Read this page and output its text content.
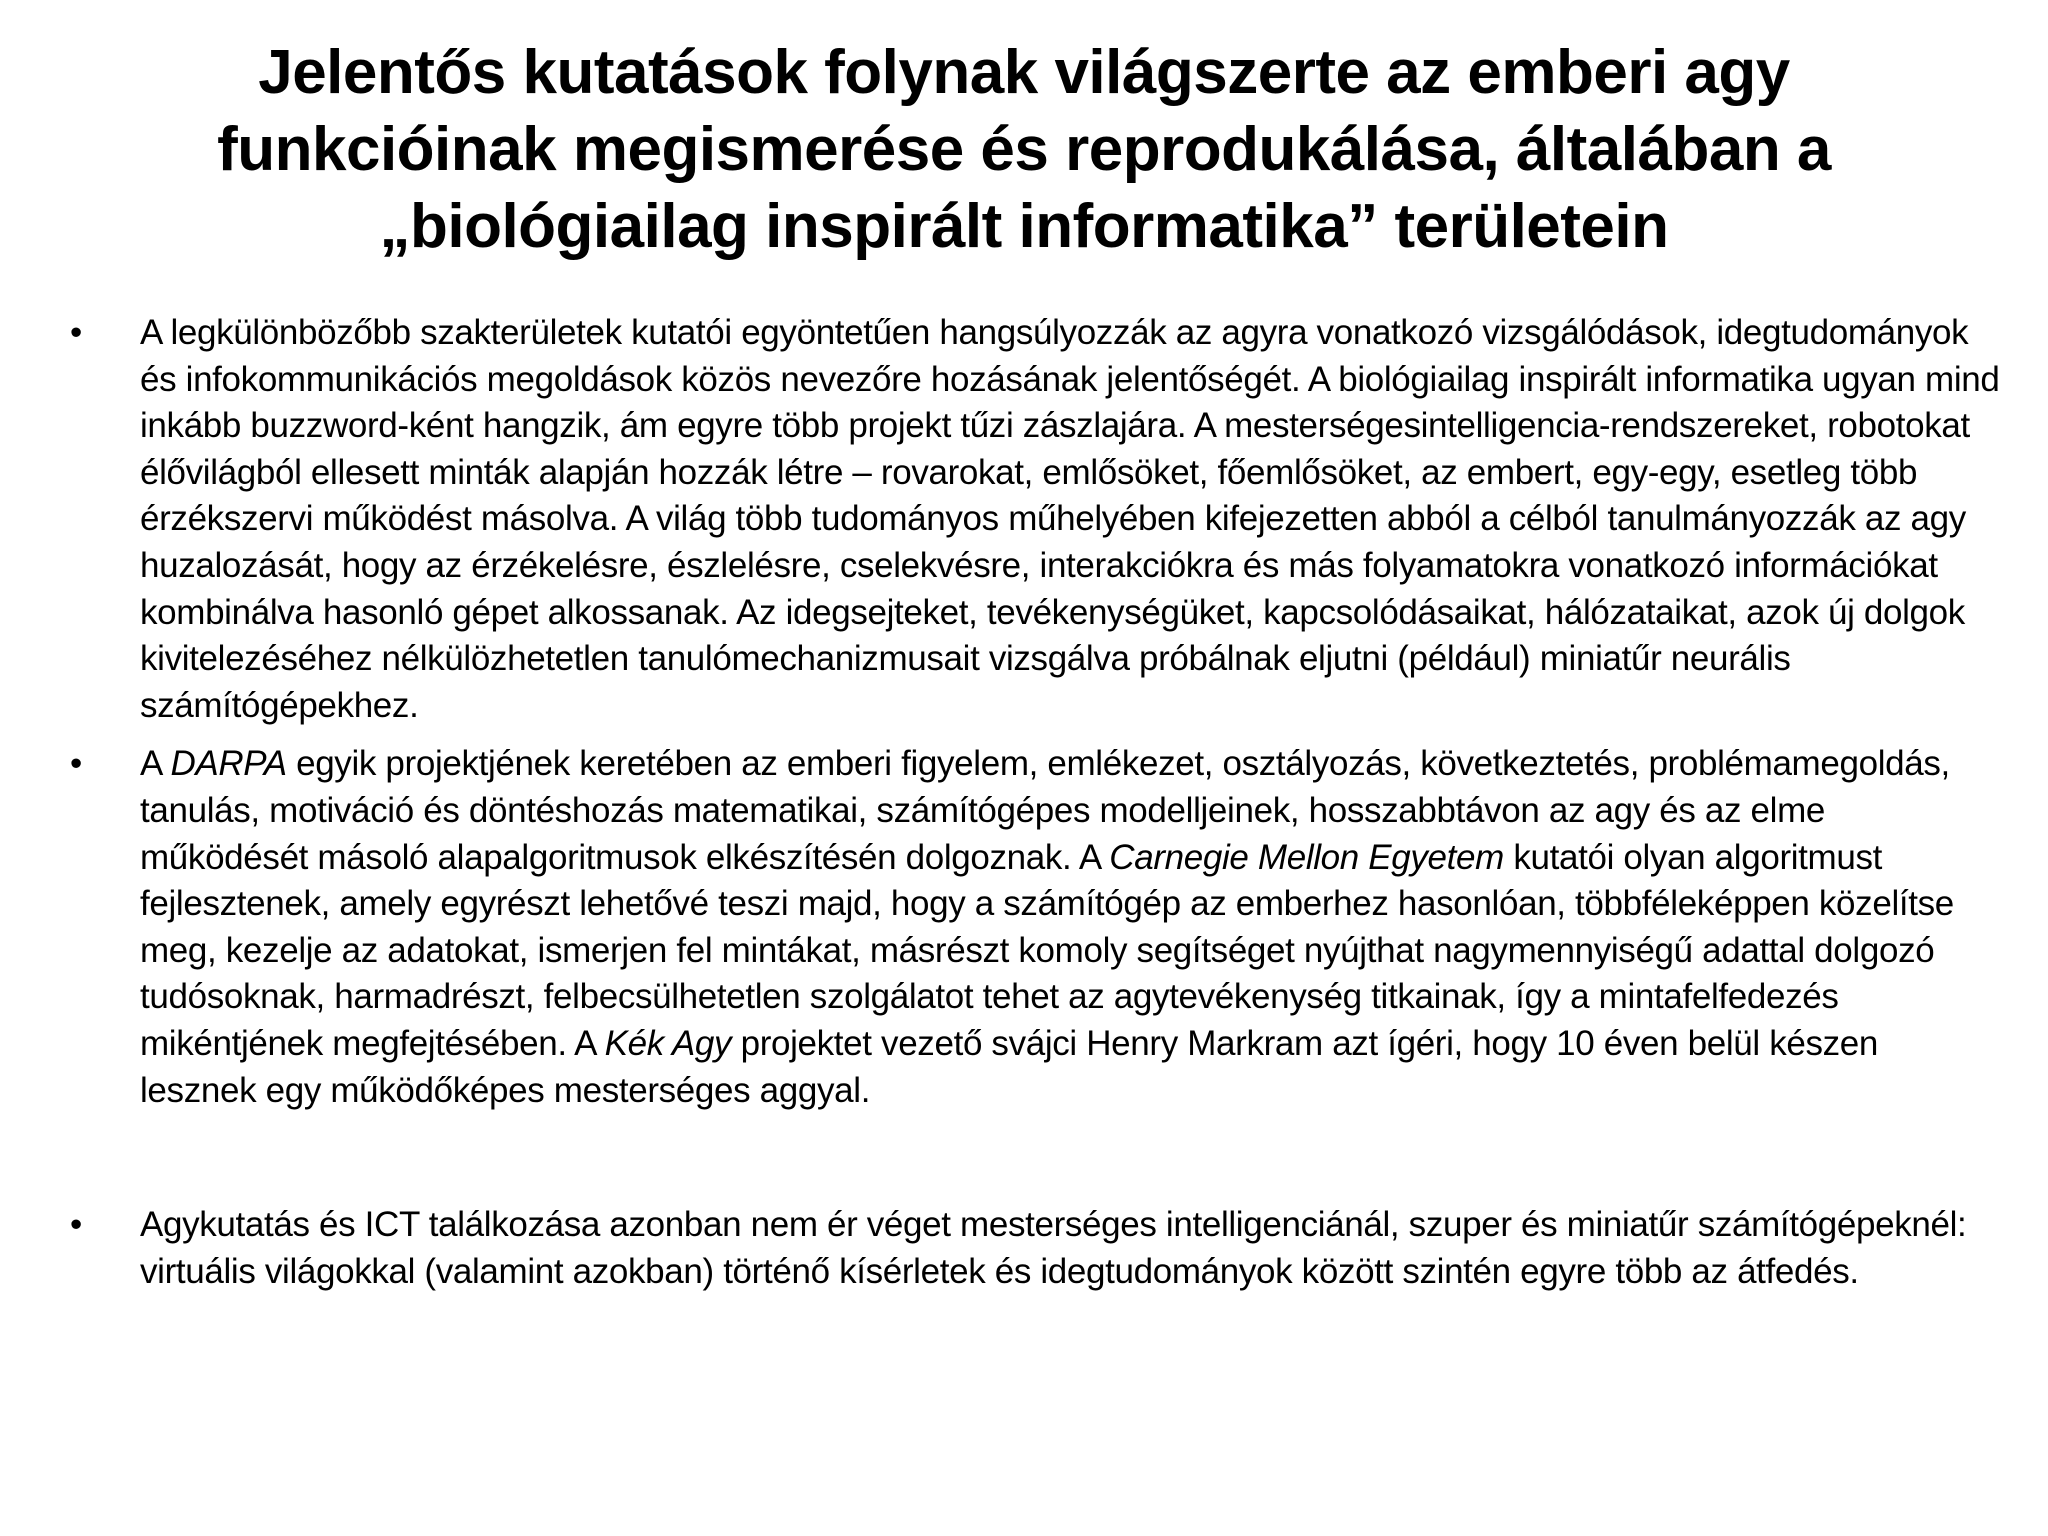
Jelentős kutatások folynak világszerte az emberi agy
funkcióinak megismerése és reprodukálása, általában a
„biológiailag inspirált informatika” területein
• A legkülönbözőbb szakterületek kutatói egyöntetűen hangsúlyozzák az agyra vonatkozó vizsgálódások, idegtudományok és infokommunikációs megoldások közös nevezőre hozásának jelentőségét. A biológiailag inspirált informatika ugyan mind inkább buzzword-ként hangzik, ám egyre több projekt tűzi zászlajára. A mesterségesintelligencia-rendszereket, robotokat élővilágból ellesett minták alapján hozzák létre – rovarokat, emlősöket, főemlősöket, az embert, egy-egy, esetleg több érzékszervi működést másolva. A világ több tudományos műhelyében kifejezetten abból a célból tanulmányozzák az agy huzalozását, hogy az érzékelésre, észlelésre, cselekvésre, interakciókra és más folyamatokra vonatkozó információkat kombinálva hasonló gépet alkossanak. Az idegsejteket, tevékenységüket, kapcsolódásaikat, hálózataikat, azok új dolgok kivitelezéséhez nélkülözhetetlen tanulómechanizmusait vizsgálva próbálnak eljutni (például) miniatűr neurális számítógépekhez.

• A DARPA egyik projektjének keretében az emberi figyelem, emlékezet, osztályozás, következtetés, problémamegoldás, tanulás, motiváció és döntéshozás matematikai, számítógépes modelljeinek, hosszabbtávon az agy és az elme működését másoló alapalgoritmusok elkészítésén dolgoznak. A Carnegie Mellon Egyetem kutatói olyan algoritmust fejlesztenek, amely egyrészt lehetővé teszi majd, hogy a számítógép az emberhez hasonlóan, többféleképpen közelítse meg, kezelje az adatokat, ismerjen fel mintákat, másrészt komoly segítséget nyújthat nagymennyiségű adattal dolgozó tudósoknak, harmadrészt, felbecsülhetetlen szolgálatot tehet az agytevékenység titkainak, így a mintafelfedezés mikéntjének megfejtésében. A Kék Agy projektet vezető svájci Henry Markram azt ígéri, hogy 10 éven belül készen lesznek egy működőképes mesterséges aggyal.

• Agykutatás és ICT találkozása azonban nem ér véget mesterséges intelligenciánál, szuper és miniatűr számítógépeknél: virtuális világokkal (valamint azokban) történő kísérletek és idegtudományok között szintén egyre több az átfedés.
